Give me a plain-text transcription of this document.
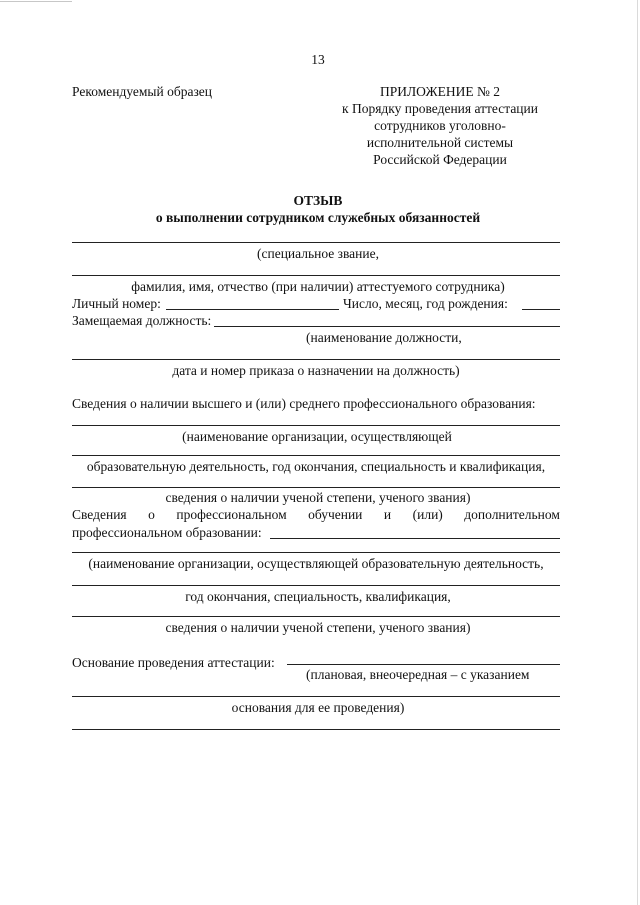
13
Рекомендуемый образец	ПРИЛОЖЕНИЕ № 2
к Порядку проведения аттестации
сотрудников уголовно-
исполнительной системы
Российской Федерации
ОТЗЫВ
о выполнении сотрудником служебных обязанностей
(специальное звание,
фамилия, имя, отчество (при наличии) аттестуемого сотрудника)
Личный номер:	Число, месяц, год рождения:
Замещаемая должность:
(наименование должности,
дата и номер приказа о назначении на должность)
Сведения о наличии высшего и (или) среднего профессионального образования:
(наименование организации, осуществляющей
образовательную деятельность, год окончания, специальность и квалификация,
сведения о наличии ученой степени, ученого звания)
Сведения о профессиональном обучении и (или) дополнительном
профессиональном образовании:
(наименование организации, осуществляющей образовательную деятельность,
год окончания, специальность, квалификация,
сведения о наличии ученой степени, ученого звания)
Основание проведения аттестации:
(плановая, внеочередная – с указанием
основания для ее проведения)
